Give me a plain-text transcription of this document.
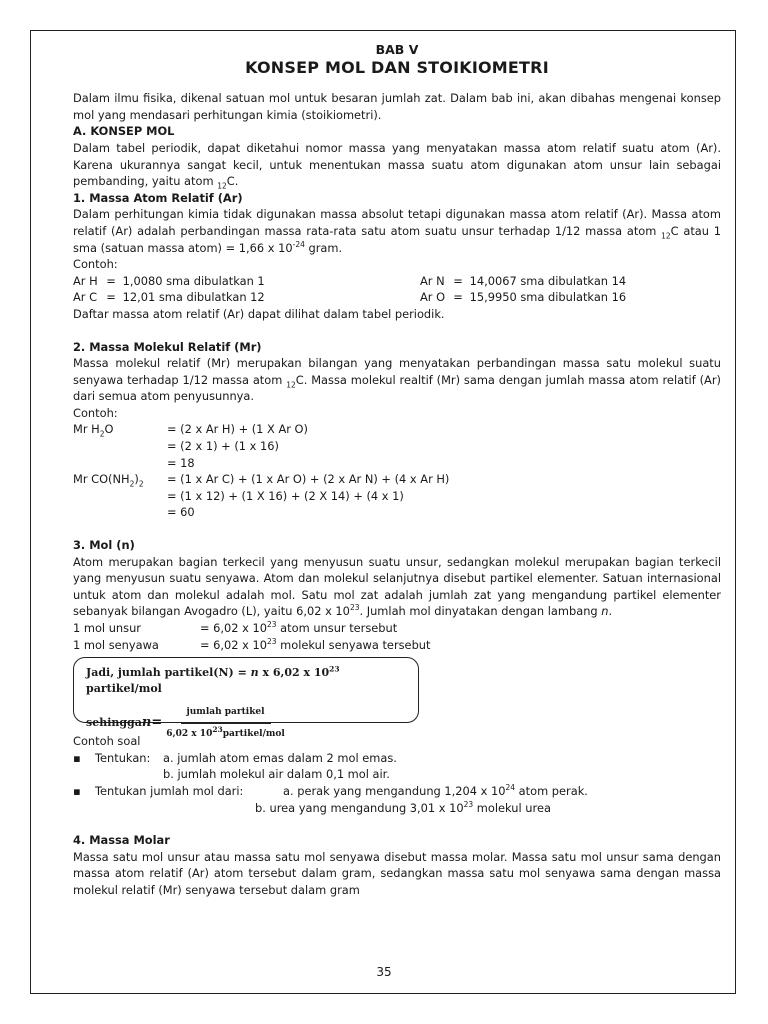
BAB V

KONSEP MOL DAN STOIKIOMETRI

Dalam ilmu fisika, dikenal satuan mol untuk besaran jumlah zat. Dalam bab ini, akan dibahas mengenai konsep mol yang mendasari perhitungan kimia (stoikiometri).

A. KONSEP MOL

Dalam tabel periodik, dapat diketahui nomor massa yang menyatakan massa atom relatif suatu atom (Ar). Karena ukurannya sangat kecil, untuk menentukan massa suatu atom digunakan atom unsur lain sebagai pembanding, yaitu atom $_{12}$C.

1. Massa Atom Relatif (Ar)

Dalam perhitungan kimia tidak digunakan massa absolut tetapi digunakan massa atom relatif (Ar). Massa atom relatif (Ar) adalah perbandingan massa rata-rata satu atom suatu unsur terhadap 1/12 massa atom $_{12}$C atau 1 sma (satuan massa atom) = 1,66 x $10^{-24}$ gram.

Contoh:

Ar H = 1,0080 sma dibulatkan 1	Ar N = 14,0067 sma dibulatkan 14
Ar C = 12,01 sma dibulatkan 12	Ar O = 15,9950 sma dibulatkan 16

Daftar massa atom relatif (Ar) dapat dilihat dalam tabel periodik.

2. Massa Molekul Relatif (Mr)

Massa molekul relatif (Mr) merupakan bilangan yang menyatakan perbandingan massa satu molekul suatu senyawa terhadap 1/12 massa atom $_{12}$C. Massa molekul realtif (Mr) sama dengan jumlah massa atom relatif (Ar) dari semua atom penyusunnya.

Contoh:

Mr $H_2O$	= (2 x Ar H) + (1 X Ar O)
= (2 x 1) + (1 x 16)
= 18
Mr $CO(NH_2)_2$	= (1 x Ar C) + (1 x Ar O) + (2 x Ar N) + (4 x Ar H)
= (1 x 12) + (1 X 16) + (2 X 14) + (4 x 1)
= 60

3. Mol (n)

Atom merupakan bagian terkecil yang menyusun suatu unsur, sedangkan molekul merupakan bagian terkecil yang menyusun suatu senyawa. Atom dan molekul selanjutnya disebut partikel elementer. Satuan internasional untuk atom dan molekul adalah mol. Satu mol zat adalah jumlah zat yang mengandung partikel elementer sebanyak bilangan Avogadro (L), yaitu 6,02 x $10^{23}$. Jumlah mol dinyatakan dengan lambang n.

1 mol unsur	= 6,02 x $10^{23}$ atom unsur tersebut
1 mol senyawa	= 6,02 x $10^{23}$ molekul senyawa tersebut

Jadi, jumlah partikel(N) = n x 6,02 x $10^{23}$ partikel/mol

sehingga $n = \frac{\text{jumlah partikel}}{6,02 x 10^{23}partikel/mol}$

Contoh soal

▪	Tentukan: a. jumlah atom emas dalam 2 mol emas.
b. jumlah molekul air dalam 0,1 mol air.
▪	Tentukan jumlah mol dari:	a. perak yang mengandung 1,204 x $10^{24}$ atom perak.
b. urea yang mengandung 3,01 x $10^{23}$ molekul urea

4. Massa Molar

Massa satu mol unsur atau massa satu mol senyawa disebut massa molar. Massa satu mol unsur sama dengan massa atom relatif (Ar) atom tersebut dalam gram, sedangkan massa satu mol senyawa sama dengan massa molekul relatif (Mr) senyawa tersebut dalam gram

35
